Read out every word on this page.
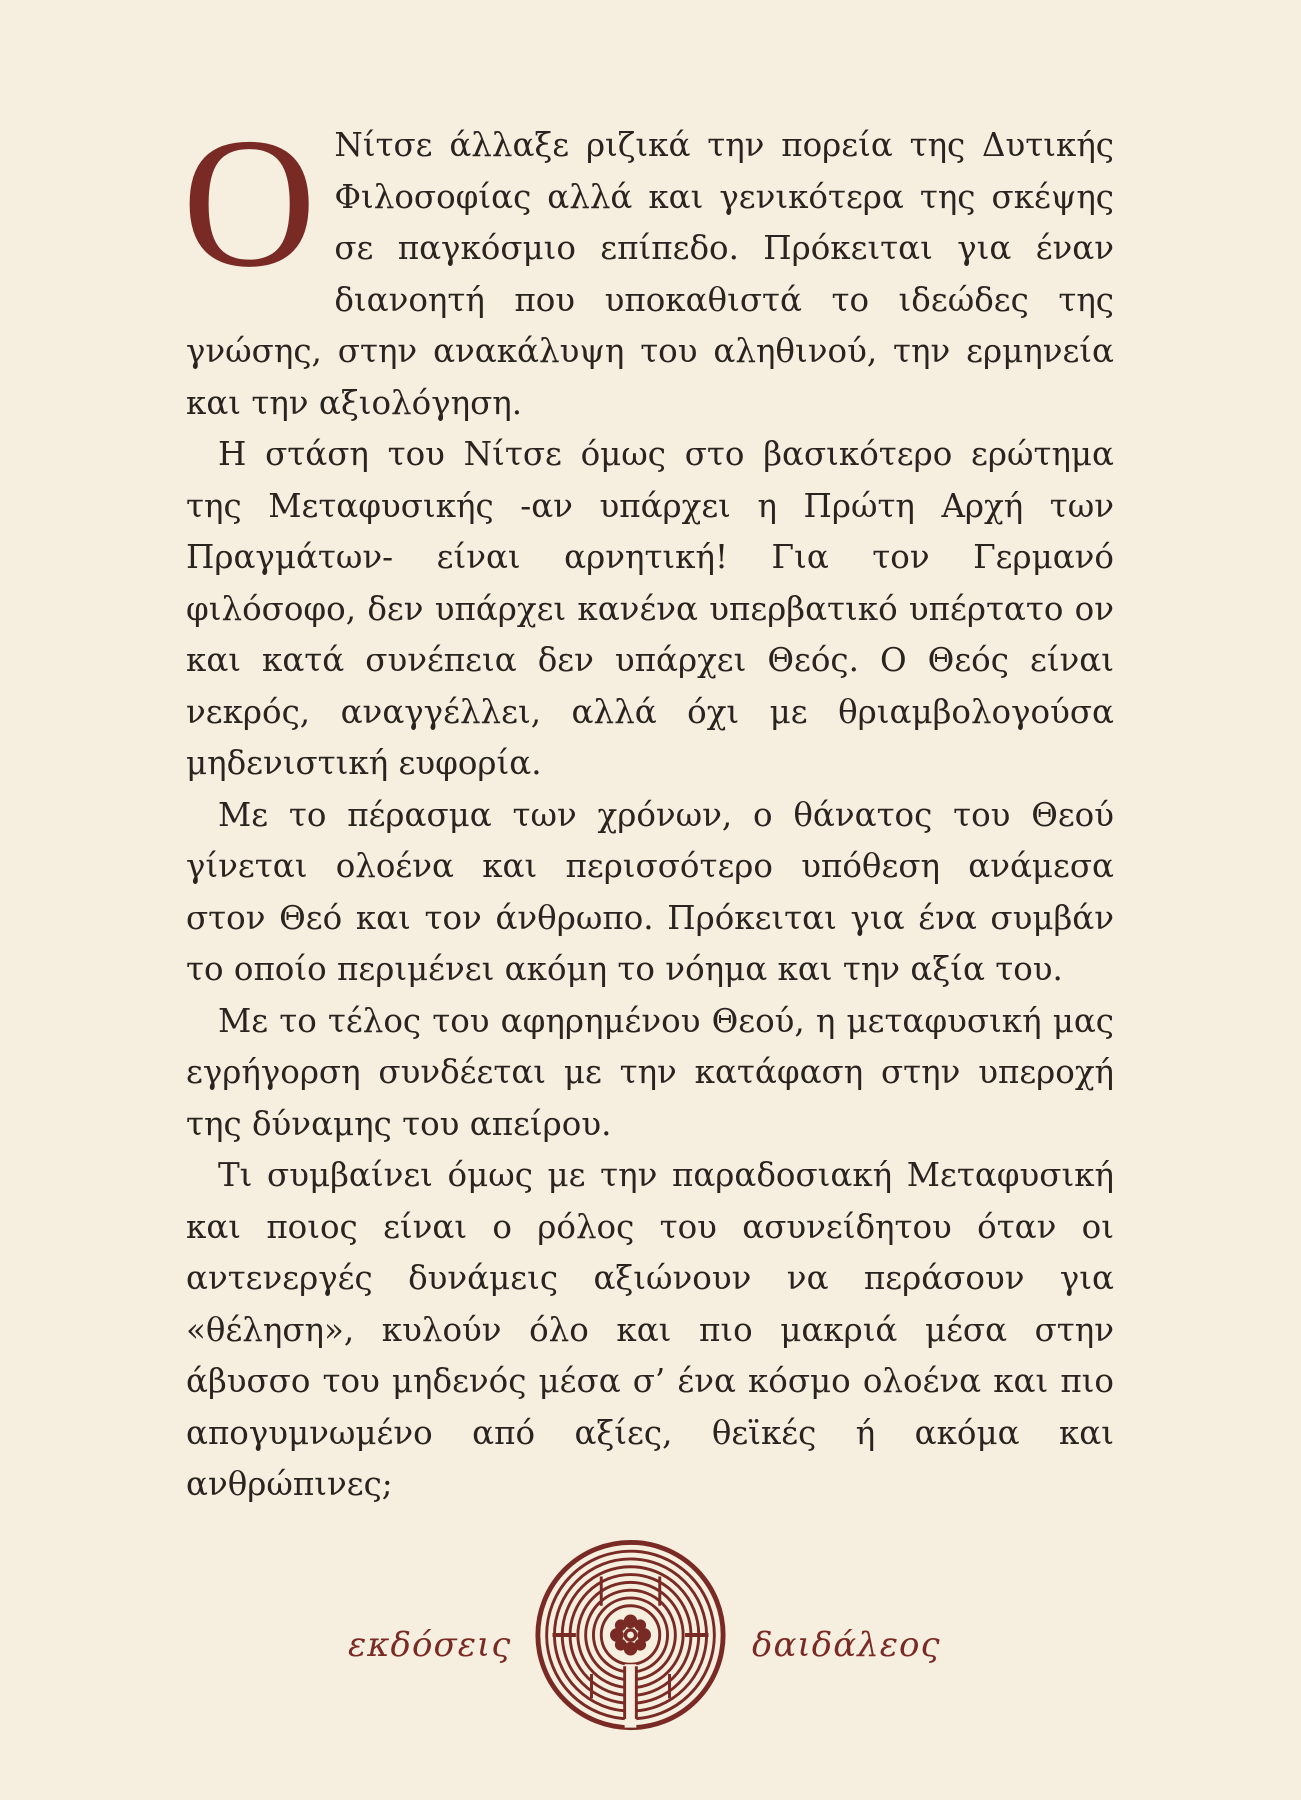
Ο Νίτσε άλλαξε ριζικά την πορεία της Δυτικής Φιλοσοφίας αλλά και γενικότερα της σκέψης σε παγκόσμιο επίπεδο. Πρόκειται για έναν διανοητή που υποκαθιστά το ιδεώδες της γνώσης, στην ανακάλυψη του αληθινού, την ερμηνεία και την αξιολόγηση.

Η στάση του Νίτσε όμως στο βασικότερο ερώτημα της Μεταφυσικής -αν υπάρχει η Πρώτη Αρχή των Πραγμάτων- είναι αρνητική! Για τον Γερμανό φιλόσοφο, δεν υπάρχει κανένα υπερβατικό υπέρτατο ον και κατά συνέπεια δεν υπάρχει Θεός. Ο Θεός είναι νεκρός, αναγγέλλει, αλλά όχι με θριαμβολογούσα μηδενιστική ευφορία.

Με το πέρασμα των χρόνων, ο θάνατος του Θεού γίνεται ολοένα και περισσότερο υπόθεση ανάμεσα στον Θεό και τον άνθρωπο. Πρόκειται για ένα συμβάν το οποίο περιμένει ακόμη το νόημα και την αξία του.

Με το τέλος του αφηρημένου Θεού, η μεταφυσική μας εγρήγορση συνδέεται με την κατάφαση στην υπεροχή της δύναμης του απείρου.

Τι συμβαίνει όμως με την παραδοσιακή Μεταφυσική και ποιος είναι ο ρόλος του ασυνείδητου όταν οι αντενεργές δυνάμεις αξιώνουν να περάσουν για «θέληση», κυλούν όλο και πιο μακριά μέσα στην άβυσσο του μηδενός μέσα σ’ ένα κόσμο ολοένα και πιο απογυμνωμένο από αξίες, θεϊκές ή ακόμα και ανθρώπινες;

εκδόσεις	δαιδάλεος
